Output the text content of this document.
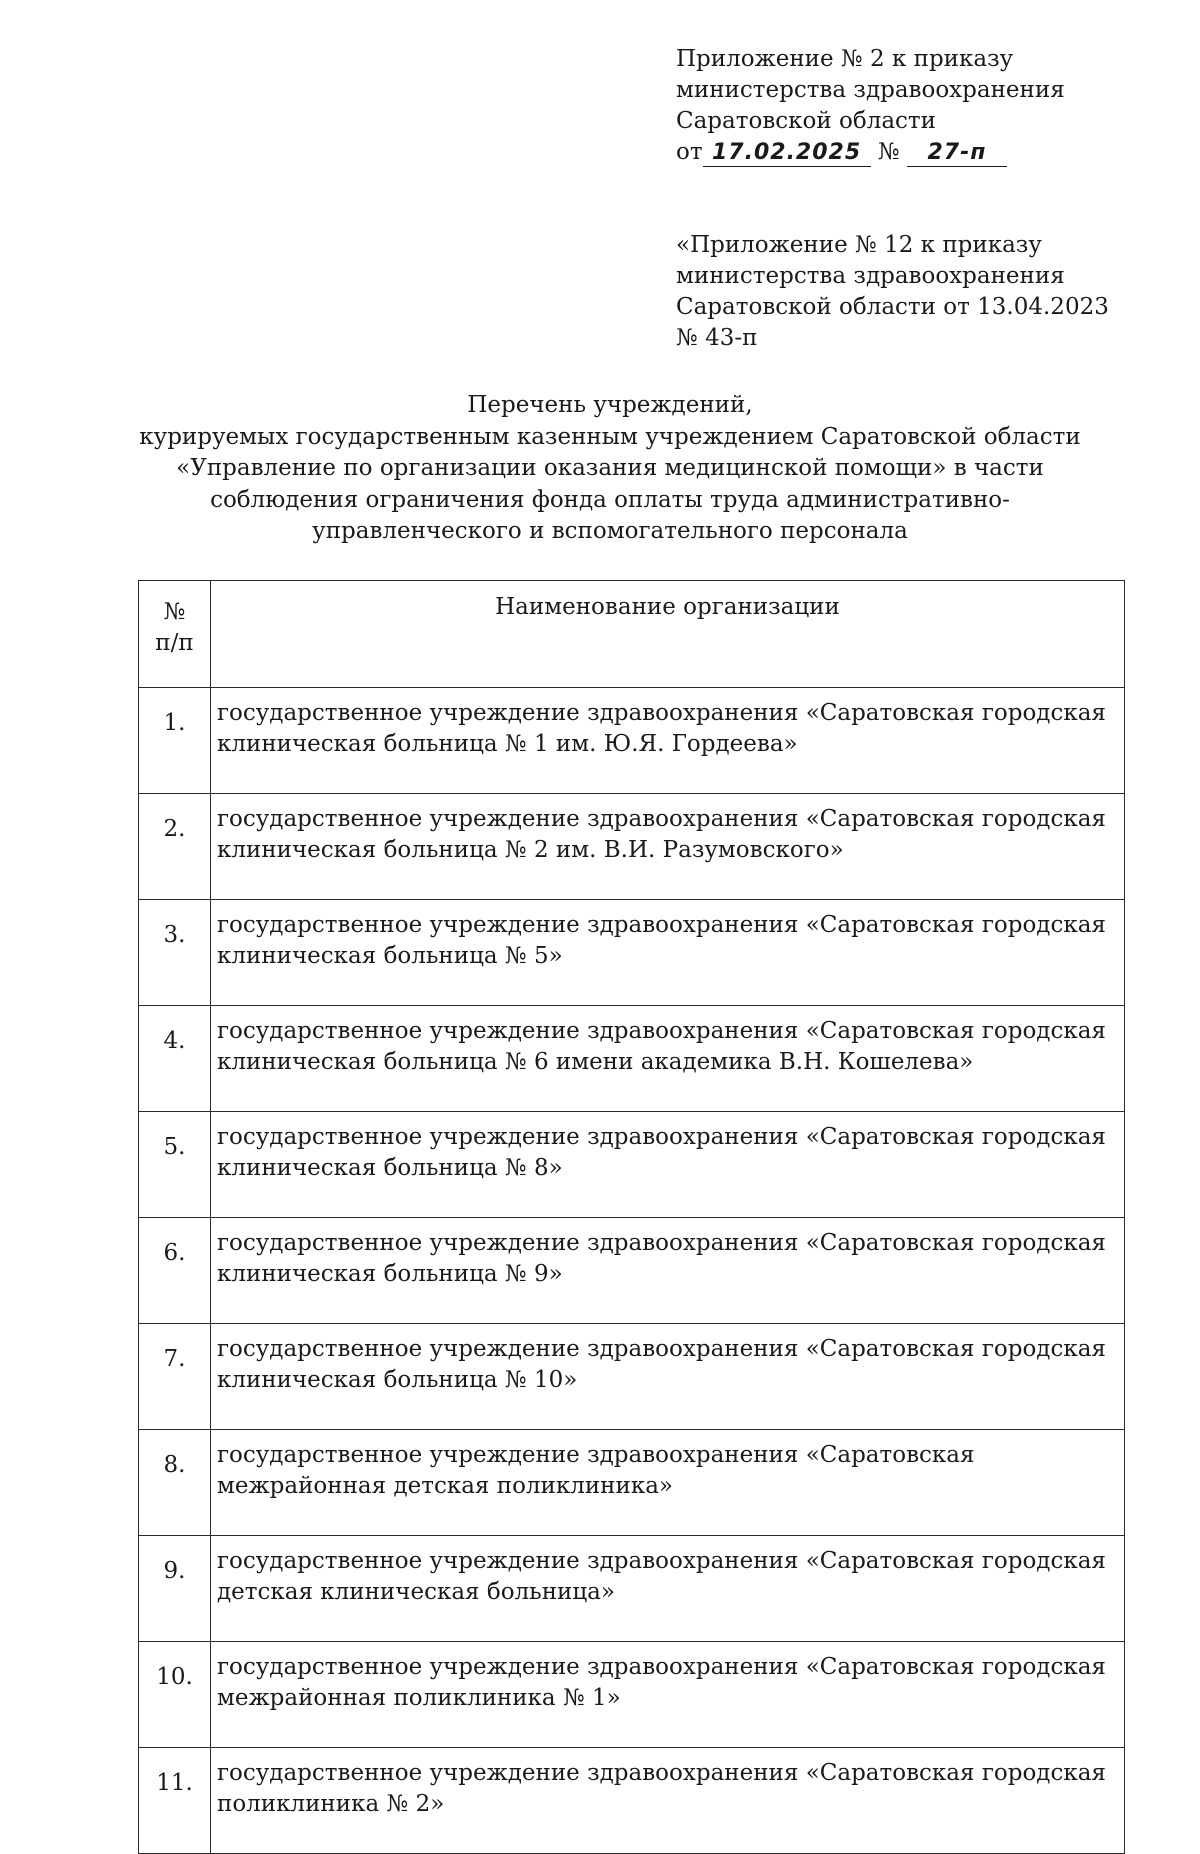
Приложение № 2 к приказу
министерства здравоохранения
Саратовской области
от 17.02.2025 № 27-п
«Приложение № 12 к приказу
министерства здравоохранения
Саратовской области от 13.04.2023
№ 43-п
Перечень учреждений,
курируемых государственным казенным учреждением Саратовской области
«Управление по организации оказания медицинской помощи» в части
соблюдения ограничения фонда оплаты труда административно-
управленческого и вспомогательного персонала
№
п/п	Наименование организации
1.	государственное учреждение здравоохранения «Саратовская городская
клиническая больница № 1 им. Ю.Я. Гордеева»

2.	государственное учреждение здравоохранения «Саратовская городская
клиническая больница № 2 им. В.И. Разумовского»

3.	государственное учреждение здравоохранения «Саратовская городская
клиническая больница № 5»

4.	государственное учреждение здравоохранения «Саратовская городская
клиническая больница № 6 имени академика В.Н. Кошелева»

5.	государственное учреждение здравоохранения «Саратовская городская
клиническая больница № 8»

6.	государственное учреждение здравоохранения «Саратовская городская
клиническая больница № 9»

7.	государственное учреждение здравоохранения «Саратовская городская
клиническая больница № 10»

8.	государственное учреждение здравоохранения «Саратовская
межрайонная детская поликлиника»

9.	государственное учреждение здравоохранения «Саратовская городская
детская клиническая больница»

10.	государственное учреждение здравоохранения «Саратовская городская
межрайонная поликлиника № 1»

11.	государственное учреждение здравоохранения «Саратовская городская
поликлиника № 2»
